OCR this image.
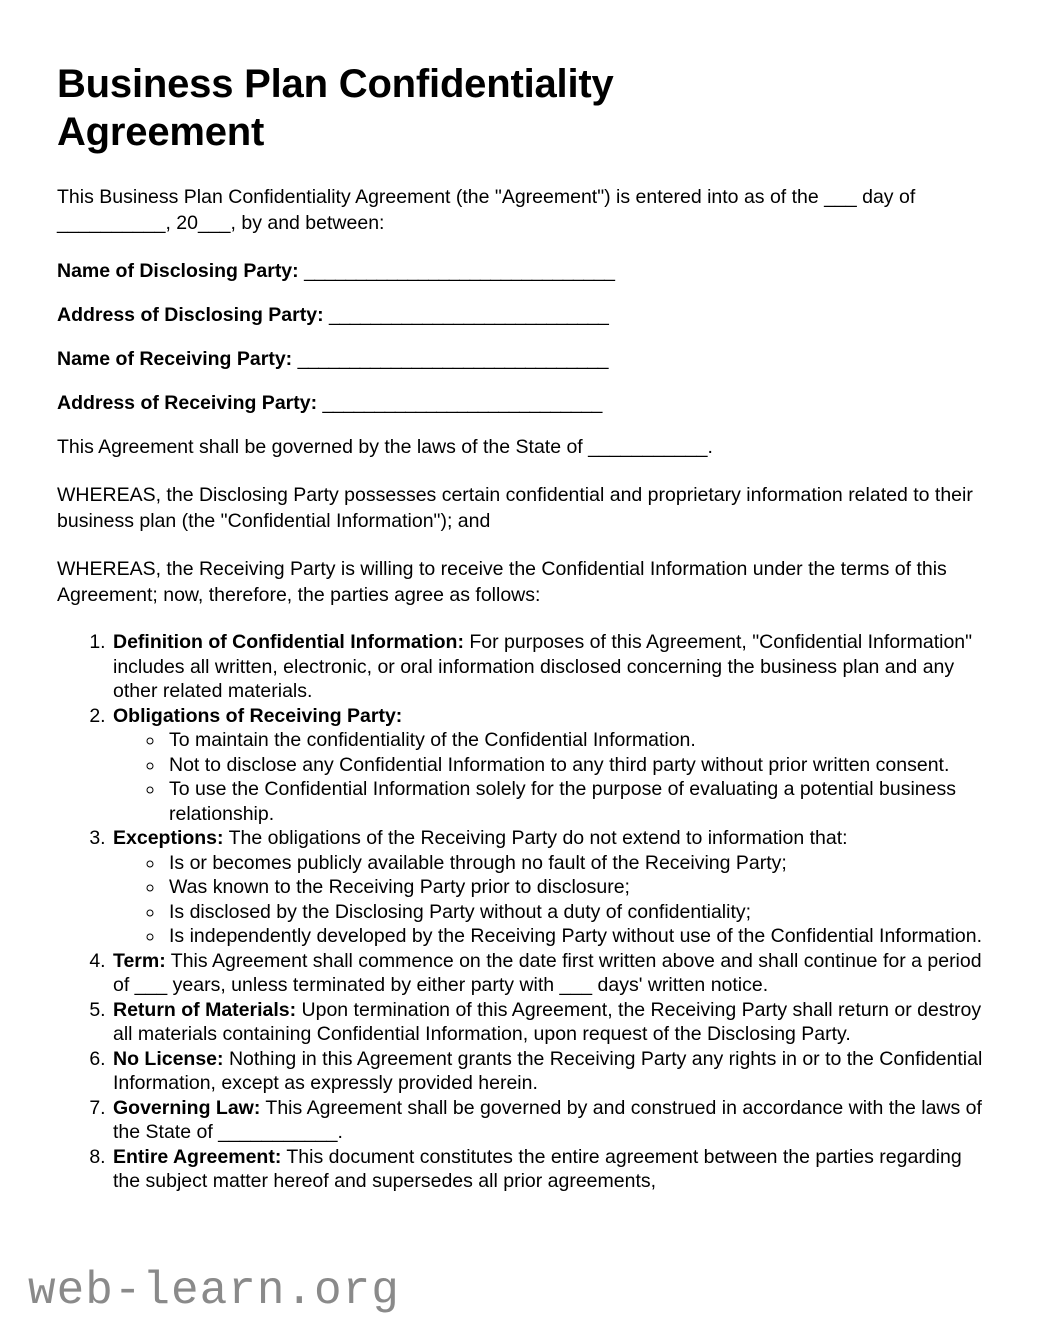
Business Plan Confidentiality Agreement

This Business Plan Confidentiality Agreement (the "Agreement") is entered into as of the ___ day of __________, 20___, by and between:

Name of Disclosing Party: ______________________________
Address of Disclosing Party: ___________________________
Name of Receiving Party: ______________________________
Address of Receiving Party: ___________________________

This Agreement shall be governed by the laws of the State of ___________.

WHEREAS, the Disclosing Party possesses certain confidential and proprietary information related to their business plan (the "Confidential Information"); and

WHEREAS, the Receiving Party is willing to receive the Confidential Information under the terms of this Agreement; now, therefore, the parties agree as follows:

1. Definition of Confidential Information: For purposes of this Agreement, "Confidential Information" includes all written, electronic, or oral information disclosed concerning the business plan and any other related materials.
2. Obligations of Receiving Party:
◦ To maintain the confidentiality of the Confidential Information.
◦ Not to disclose any Confidential Information to any third party without prior written consent.
◦ To use the Confidential Information solely for the purpose of evaluating a potential business relationship.
3. Exceptions: The obligations of the Receiving Party do not extend to information that:
◦ Is or becomes publicly available through no fault of the Receiving Party;
◦ Was known to the Receiving Party prior to disclosure;
◦ Is disclosed by the Disclosing Party without a duty of confidentiality;
◦ Is independently developed by the Receiving Party without use of the Confidential Information.
4. Term: This Agreement shall commence on the date first written above and shall continue for a period of ___ years, unless terminated by either party with ___ days' written notice.
5. Return of Materials: Upon termination of this Agreement, the Receiving Party shall return or destroy all materials containing Confidential Information, upon request of the Disclosing Party.
6. No License: Nothing in this Agreement grants the Receiving Party any rights in or to the Confidential Information, except as expressly provided herein.
7. Governing Law: This Agreement shall be governed by and construed in accordance with the laws of the State of ___________.
8. Entire Agreement: This document constitutes the entire agreement between the parties regarding the subject matter hereof and supersedes all prior agreements,
web-learn.org
